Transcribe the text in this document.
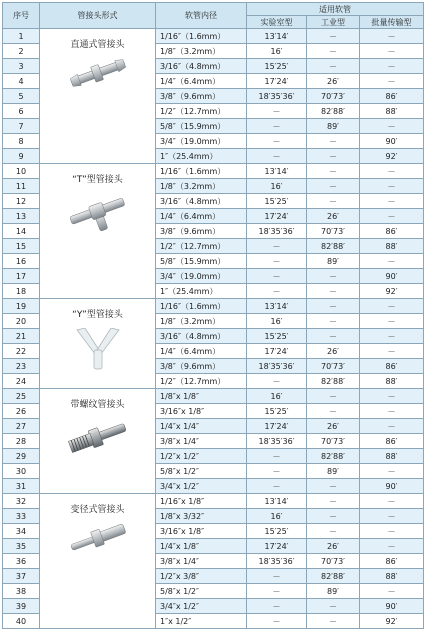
序号	管接头形式	软管内径	适用软管		
			实验室型	工业型	批量传输型
1	直通式管接头	1/16″（1.6mm）	13′14′	－	－
2		1/8″（3.2mm）	16′	－	－
3		3/16″（4.8mm）	15′25′	－	－
4		1/4″（6.4mm）	17′24′	26′	－
5		3/8″（9.6mm）	18′35′36′	70′73′	86′
6		1/2″（12.7mm）	－	82′88′	88′
7		5/8″（15.9mm）	－	89′	－
8		3/4″（19.0mm）	－	－	90′
9		1″（25.4mm）	－	－	92′
10	“T”型管接头	1/16″（1.6mm）	13′14′	－	－
11		1/8″（3.2mm）	16′	－	－
12		3/16″（4.8mm）	15′25′	－	－
13		1/4″（6.4mm）	17′24′	26′	－
14		3/8″（9.6mm）	18′35′36′	70′73′	86′
15		1/2″（12.7mm）	－	82′88′	88′
16		5/8″（15.9mm）	－	89′	－
17		3/4″（19.0mm）	－	－	90′
18		1″（25.4mm）	－	－	92′
19	“Y”型管接头	1/16″（1.6mm）	13′14′	－	－
20		1/8″（3.2mm）	16′	－	－
21		3/16″（4.8mm）	15′25′	－	－
22		1/4″（6.4mm）	17′24′	26′	－
23		3/8″（9.6mm）	18′35′36′	70′73′	86′
24		1/2″（12.7mm）	－	82′88′	88′
25	带螺纹管接头	1/8″x 1/8″	16′	－	－
26		3/16″x 1/8″	15′25′	－	－
27		1/4″x 1/4″	17′24′	26′	－
28		3/8″x 1/4″	18′35′36′	70′73′	86′
29		1/2″x 1/2″	－	82′88′	88′
30		5/8″x 1/2″	－	89′	－
31		3/4″x 1/2″	－	－	90′
32	变径式管接头	1/16″x 1/8″	13′14′	－	－
33		1/8″x 3/32″	16′	－	－
34		3/16″x 1/8″	15′25′	－	－
35		1/4″x 1/8″	17′24′	26′	－
36		3/8″x 1/4″	18′35′36′	70′73′	86′
37		1/2″x 3/8″	－	82′88′	88′
38		5/8″x 1/2″	－	89′	－
39		3/4″x 1/2″	－	－	90′
40		1″x 1/2″	－	－	92′
